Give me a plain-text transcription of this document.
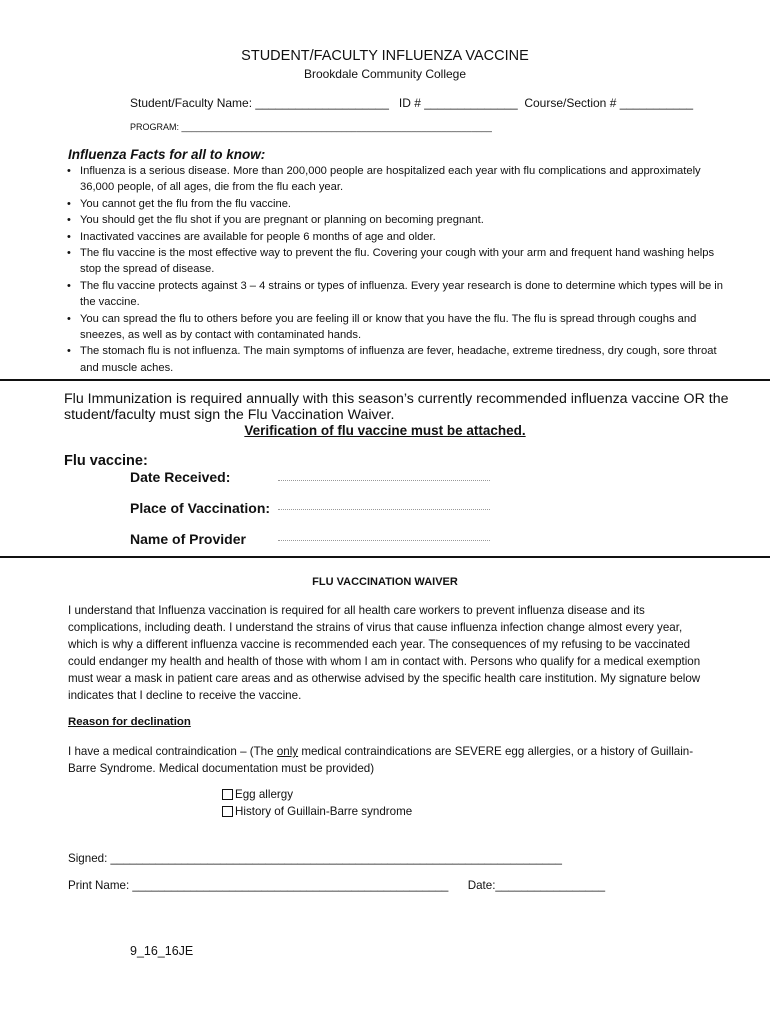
STUDENT/FACULTY INFLUENZA VACCINE
Brookdale Community College
Student/Faculty Name: ____________________   ID # ______________  Course/Section # ___________
PROGRAM: ______________________________________________________________
Influenza Facts for all to know:
• Influenza is a serious disease. More than 200,000 people are hospitalized each year with flu complications and approximately 36,000 people, of all ages, die from the flu each year.
• You cannot get the flu from the flu vaccine.
• You should get the flu shot if you are pregnant or planning on becoming pregnant.
• Inactivated vaccines are available for people 6 months of age and older.
• The flu vaccine is the most effective way to prevent the flu. Covering your cough with your arm and frequent hand washing helps stop the spread of disease.
• The flu vaccine protects against 3 – 4 strains or types of influenza. Every year research is done to determine which types will be in the vaccine.
• You can spread the flu to others before you are feeling ill or know that you have the flu. The flu is spread through coughs and sneezes, as well as by contact with contaminated hands.
• The stomach flu is not influenza. The main symptoms of influenza are fever, headache, extreme tiredness, dry cough, sore throat and muscle aches.
Flu Immunization is required annually with this season’s currently recommended influenza vaccine OR the student/faculty must sign the Flu Vaccination Waiver.
Verification of flu vaccine must be attached.
Flu vaccine:
Date Received:
Place of Vaccination:
Name of Provider
FLU VACCINATION WAIVER
I understand that Influenza vaccination is required for all health care workers to prevent influenza disease and its complications, including death. I understand the strains of virus that cause influenza infection change almost every year, which is why a different influenza vaccine is recommended each year. The consequences of my refusing to be vaccinated could endanger my health and health of those with whom I am in contact with. Persons who qualify for a medical exemption must wear a mask in patient care areas and as otherwise advised by the specific health care institution. My signature below indicates that I decline to receive the vaccine.
Reason for declination
I have a medical contraindication – (The only medical contraindications are SEVERE egg allergies, or a history of Guillain-Barre Syndrome. Medical documentation must be provided)
Egg allergy
History of Guillain-Barre syndrome
Signed: ______________________________________________________________________
Print Name: _________________________________________________      Date:_________________
9_16_16JE
